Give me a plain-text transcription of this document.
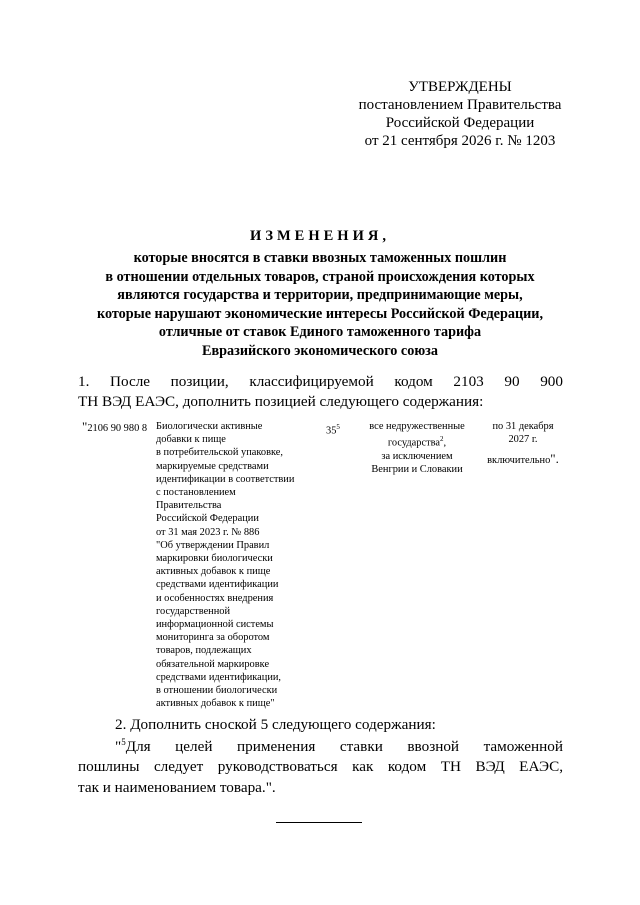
УТВЕРЖДЕНЫ
постановлением Правительства
Российской Федерации
от 21 сентября 2026 г. № 1203
ИЗМЕНЕНИЯ,
которые вносятся в ставки ввозных таможенных пошлин
в отношении отдельных товаров, страной происхождения которых
являются государства и территории, предпринимающие меры,
которые нарушают экономические интересы Российской Федерации,
отличные от ставок Единого таможенного тарифа
Евразийского экономического союза
1. После позиции, классифицируемой кодом 2103 90 900
ТН ВЭД ЕАЭС, дополнить позицией следующего содержания:
"2106 90 980 8 Биологически активные
добавки к пище
в потребительской упаковке,
маркируемые средствами
идентификации в соответствии
с постановлением
Правительства
Российской Федерации
от 31 мая 2023 г. № 886
"Об утверждении Правил
маркировки биологически
активных добавок к пище
средствами идентификации
и особенностях внедрения
государственной
информационной системы
мониторинга за оборотом
товаров, подлежащих
обязательной маркировке
средствами идентификации,
в отношении биологически
активных добавок к пище"
$35^5$	все недружественные
государства$^2$,
за исключением
Венгрии и Словакии
по 31 декабря
2027 г.
включительно".
2. Дополнить сноской 5 следующего содержания:
"$^5$Для целей применения ставки ввозной таможенной
пошлины следует руководствоваться как кодом ТН ВЭД ЕАЭС,
так и наименованием товара.".
